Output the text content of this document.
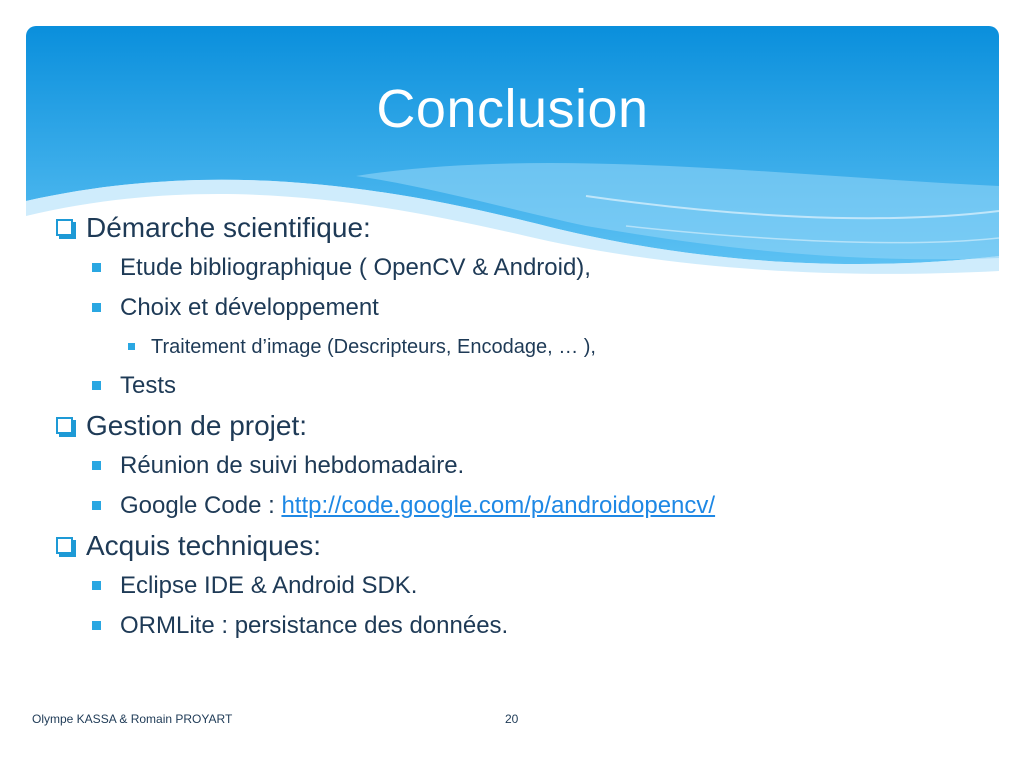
Conclusion
Démarche scientifique:
Etude bibliographique ( OpenCV & Android),
Choix et développement
Traitement d’image (Descripteurs, Encodage, … ),
Tests
Gestion de projet:
Réunion de suivi hebdomadaire.
Google Code : http://code.google.com/p/androidopencv/
Acquis techniques:
Eclipse IDE & Android SDK.
ORMLite : persistance des données.
Olympe KASSA & Romain PROYART	20
